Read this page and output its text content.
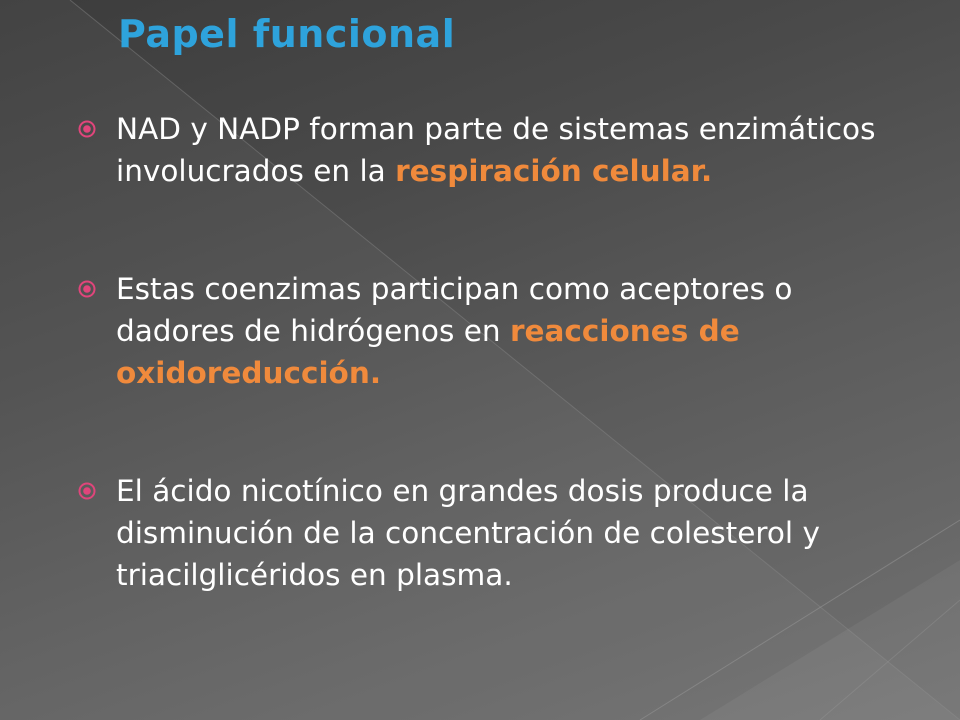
Papel funcional
NAD y NADP forman parte de sistemas enzimáticos involucrados en la respiración celular.
Estas coenzimas participan como aceptores o dadores de hidrógenos en reacciones de oxidoreducción.
El ácido nicotínico en grandes dosis produce la disminución de la concentración de colesterol y triacilglicéridos en plasma.
